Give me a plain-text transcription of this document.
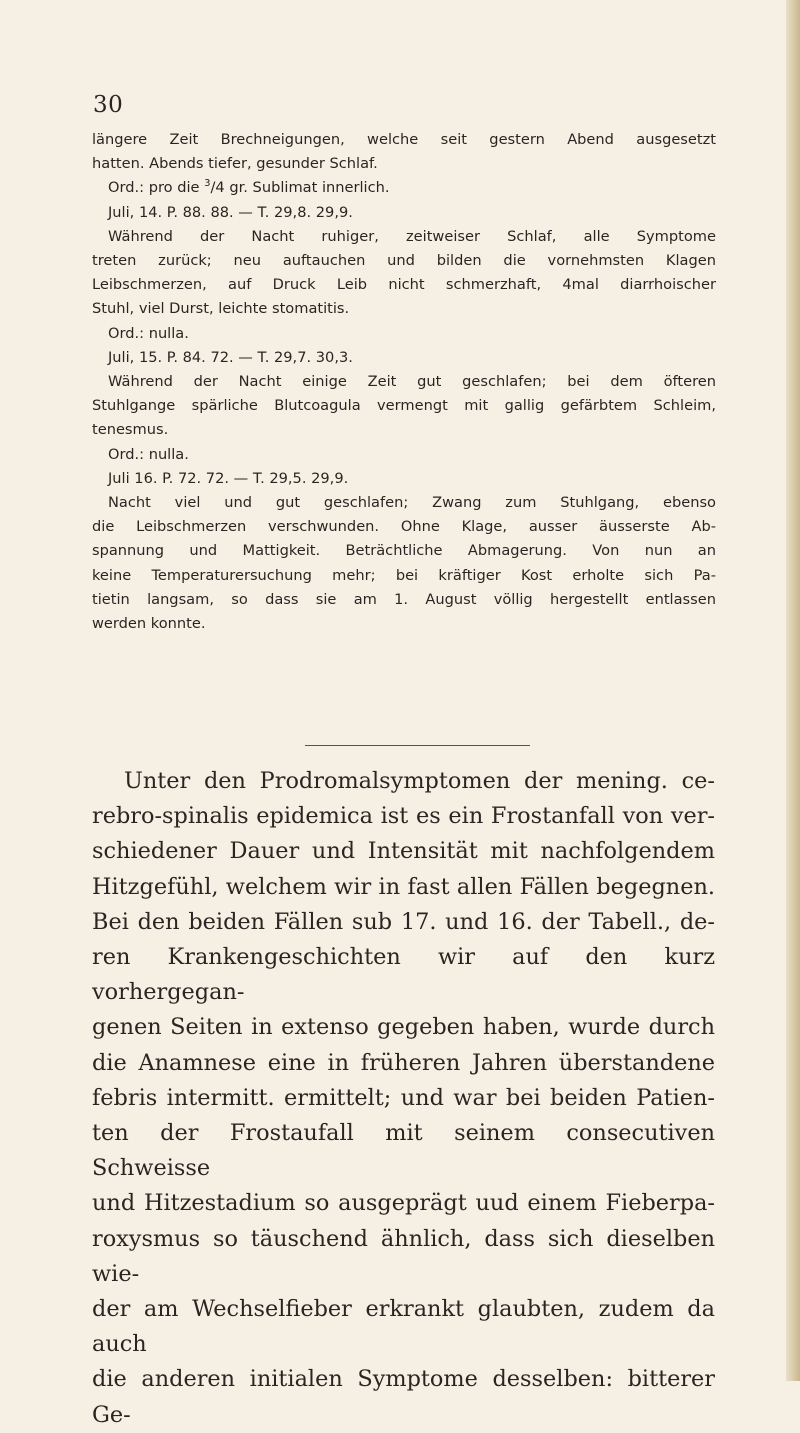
30

längere Zeit Brechneigungen, welche seit gestern Abend ausgesetzt

hatten. Abends tiefer, gesunder Schlaf.

Ord.: pro die $^3$/4 gr. Sublimat innerlich.

Juli, 14. P. 88. 88. — T. 29,8. 29,9.

Während der Nacht ruhiger, zeitweiser Schlaf, alle Symptome

treten zurück; neu auftauchen und bilden die vornehmsten Klagen

Leibschmerzen, auf Druck Leib nicht schmerzhaft, 4mal diarrhoischer

Stuhl, viel Durst, leichte stomatitis.

Ord.: nulla.

Juli, 15. P. 84. 72. — T. 29,7. 30,3.

Während der Nacht einige Zeit gut geschlafen; bei dem öfteren

Stuhlgange spärliche Blutcoagula vermengt mit gallig gefärbtem Schleim,

tenesmus.

Ord.: nulla.

Juli 16. P. 72. 72. — T. 29,5. 29,9.

Nacht viel und gut geschlafen; Zwang zum Stuhlgang, ebenso

die Leibschmerzen verschwunden. Ohne Klage, ausser äusserste Ab-

spannung und Mattigkeit. Beträchtliche Abmagerung. Von nun an

keine Temperaturersuchung mehr; bei kräftiger Kost erholte sich Pa-

tietin langsam, so dass sie am 1. August völlig hergestellt entlassen

werden konnte.

Unter den Prodromalsymptomen der mening. ce-

rebro-spinalis epidemica ist es ein Frostanfall von ver-

schiedener Dauer und Intensität mit nachfolgendem

Hitzgefühl, welchem wir in fast allen Fällen begegnen.

Bei den beiden Fällen sub 17. und 16. der Tabell., de-

ren Krankengeschichten wir auf den kurz vorhergegan-

genen Seiten in extenso gegeben haben, wurde durch

die Anamnese eine in früheren Jahren überstandene

febris intermitt. ermittelt; und war bei beiden Patien-

ten der Frostaufall mit seinem consecutiven Schweisse

und Hitzestadium so ausgeprägt uud einem Fieberpa-

roxysmus so täuschend ähnlich, dass sich dieselben wie-

der am Wechselfieber erkrankt glaubten, zudem da auch

die anderen initialen Symptome desselben: bitterer Ge-
